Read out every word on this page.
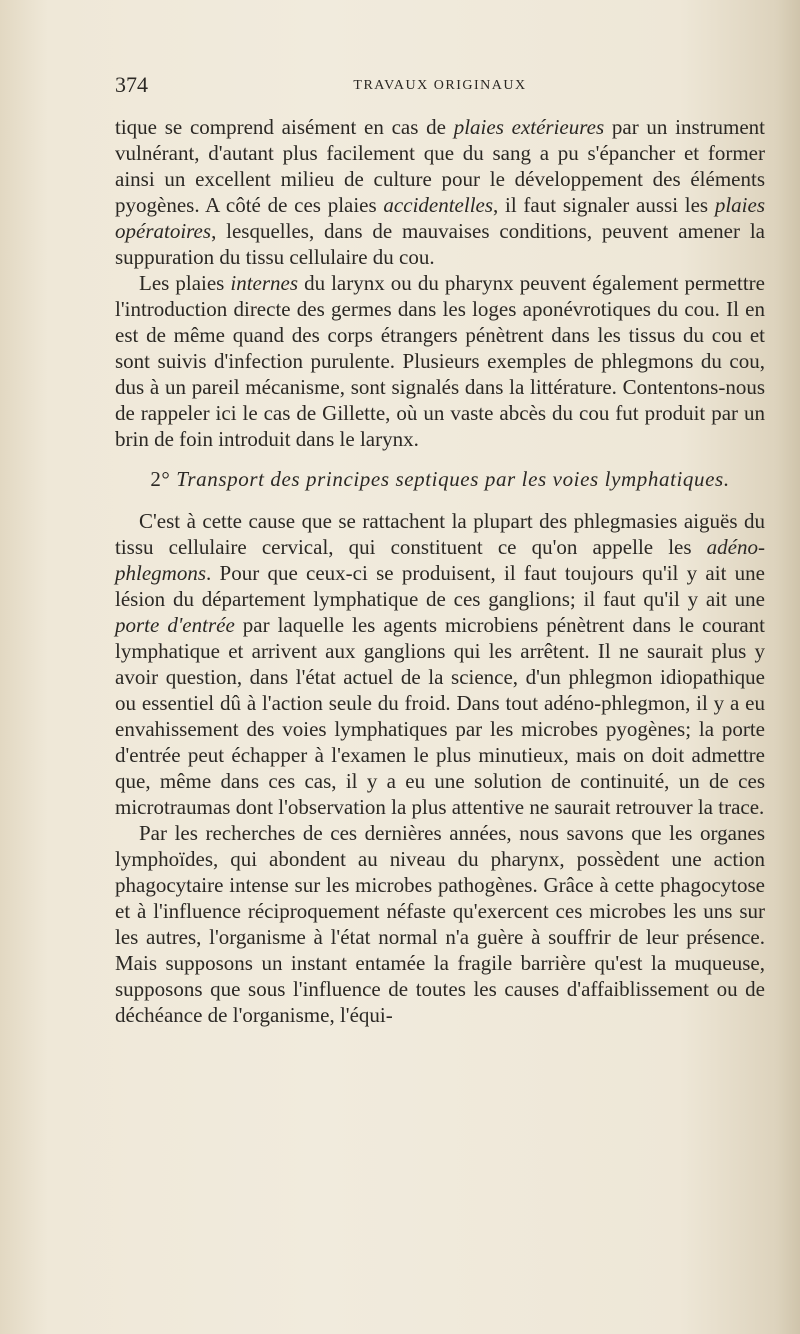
374	TRAVAUX ORIGINAUX

tique se comprend aisément en cas de plaies extérieures par un instrument vulnérant, d'autant plus facilement que du sang a pu s'épancher et former ainsi un excellent milieu de culture pour le développement des éléments pyogènes. A côté de ces plaies accidentelles, il faut signaler aussi les plaies opératoires, lesquelles, dans de mauvaises conditions, peuvent amener la suppuration du tissu cellulaire du cou.

Les plaies internes du larynx ou du pharynx peuvent également permettre l'introduction directe des germes dans les loges aponévrotiques du cou. Il en est de même quand des corps étrangers pénètrent dans les tissus du cou et sont suivis d'infection purulente. Plusieurs exemples de phlegmons du cou, dus à un pareil mécanisme, sont signalés dans la littérature. Contentons-nous de rappeler ici le cas de Gillette, où un vaste abcès du cou fut produit par un brin de foin introduit dans le larynx.

2° Transport des principes septiques par les voies lymphatiques.

C'est à cette cause que se rattachent la plupart des phlegmasies aiguës du tissu cellulaire cervical, qui constituent ce qu'on appelle les adéno-phlegmons. Pour que ceux-ci se produisent, il faut toujours qu'il y ait une lésion du département lymphatique de ces ganglions; il faut qu'il y ait une porte d'entrée par laquelle les agents microbiens pénètrent dans le courant lymphatique et arrivent aux ganglions qui les arrêtent. Il ne saurait plus y avoir question, dans l'état actuel de la science, d'un phlegmon idiopathique ou essentiel dû à l'action seule du froid. Dans tout adéno-phlegmon, il y a eu envahissement des voies lymphatiques par les microbes pyogènes; la porte d'entrée peut échapper à l'examen le plus minutieux, mais on doit admettre que, même dans ces cas, il y a eu une solution de continuité, un de ces microtraumas dont l'observation la plus attentive ne saurait retrouver la trace.

Par les recherches de ces dernières années, nous savons que les organes lymphoïdes, qui abondent au niveau du pharynx, possèdent une action phagocytaire intense sur les microbes pathogènes. Grâce à cette phagocytose et à l'influence réciproquement néfaste qu'exercent ces microbes les uns sur les autres, l'organisme à l'état normal n'a guère à souffrir de leur présence. Mais supposons un instant entamée la fragile barrière qu'est la muqueuse, supposons que sous l'influence de toutes les causes d'affaiblissement ou de déchéance de l'organisme, l'équi-
